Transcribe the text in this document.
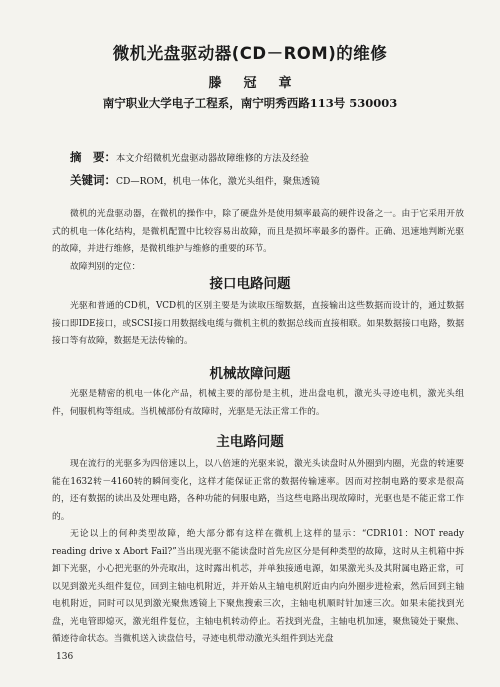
微机光盘驱动器(CD－ROM)的维修
滕冠章
南宁职业大学电子工程系，南宁明秀西路113号 530003
摘　要：本文介绍微机光盘驱动器故障维修的方法及经验
关键词：CD—ROM，机电一体化，激光头组件，聚焦透镜

微机的光盘驱动器，在微机的操作中，除了硬盘外是使用频率最高的硬件设备之一。由于它采用开放式的机电一体化结构，是微机配置中比较容易出故障，而且是损坏率最多的器件。正确、迅速地判断光驱的故障，并进行维修，是微机维护与维修的重要的环节。

故障判别的定位：

接口电路问题

光驱和普通的CD机，VCD机的区别主要是为读取压缩数据，直接输出这些数据而设计的，通过数据接口即IDE接口，或SCSI接口用数据线电缆与微机主机的数据总线而直接相联。如果数据接口电路，数据接口等有故障，数据是无法传输的。

机械故障问题

光驱是精密的机电一体化产品，机械主要的部份是主机，进出盘电机，激光头寻迹电机，激光头组件，伺服机构等组成。当机械部份有故障时，光驱是无法正常工作的。

主电路问题

现在流行的光驱多为四倍速以上，以八倍速的光驱来说，激光头读盘时从外圈到内圈，光盘的转速要能在1632转－4160转的瞬间变化，这样才能保证正常的数据传输速率。因而对控制电路的要求是很高的，还有数据的读出及处理电路，各种功能的伺服电路，当这些电路出现故障时，光驱也是不能正常工作的。

无论以上的何种类型故障，绝大部分都有这样在微机上这样的显示：“CDR101：NOT ready reading drive x Abort Fail?”当出现光驱不能读盘时首先应区分是何种类型的故障，这时从主机箱中拆卸下光驱，小心把光驱的外壳取出，这时露出机芯，并单独接通电源，如果激光头及其附属电路正常，可以见到激光头组件复位，回到主轴电机附近，并开始从主轴电机附近由内向外圈步进检索，然后回到主轴电机附近，同时可以见到激光聚焦透镜上下聚焦搜索三次，主轴电机顺时针加速三次。如果未能找到光盘，光电管即熄灭，激光组件复位，主轴电机转动停止。若找到光盘，主轴电机加速，聚焦镜处于聚焦、循迹待命状态。当微机送入读盘信号，寻迹电机带动激光头组件到达光盘

136
